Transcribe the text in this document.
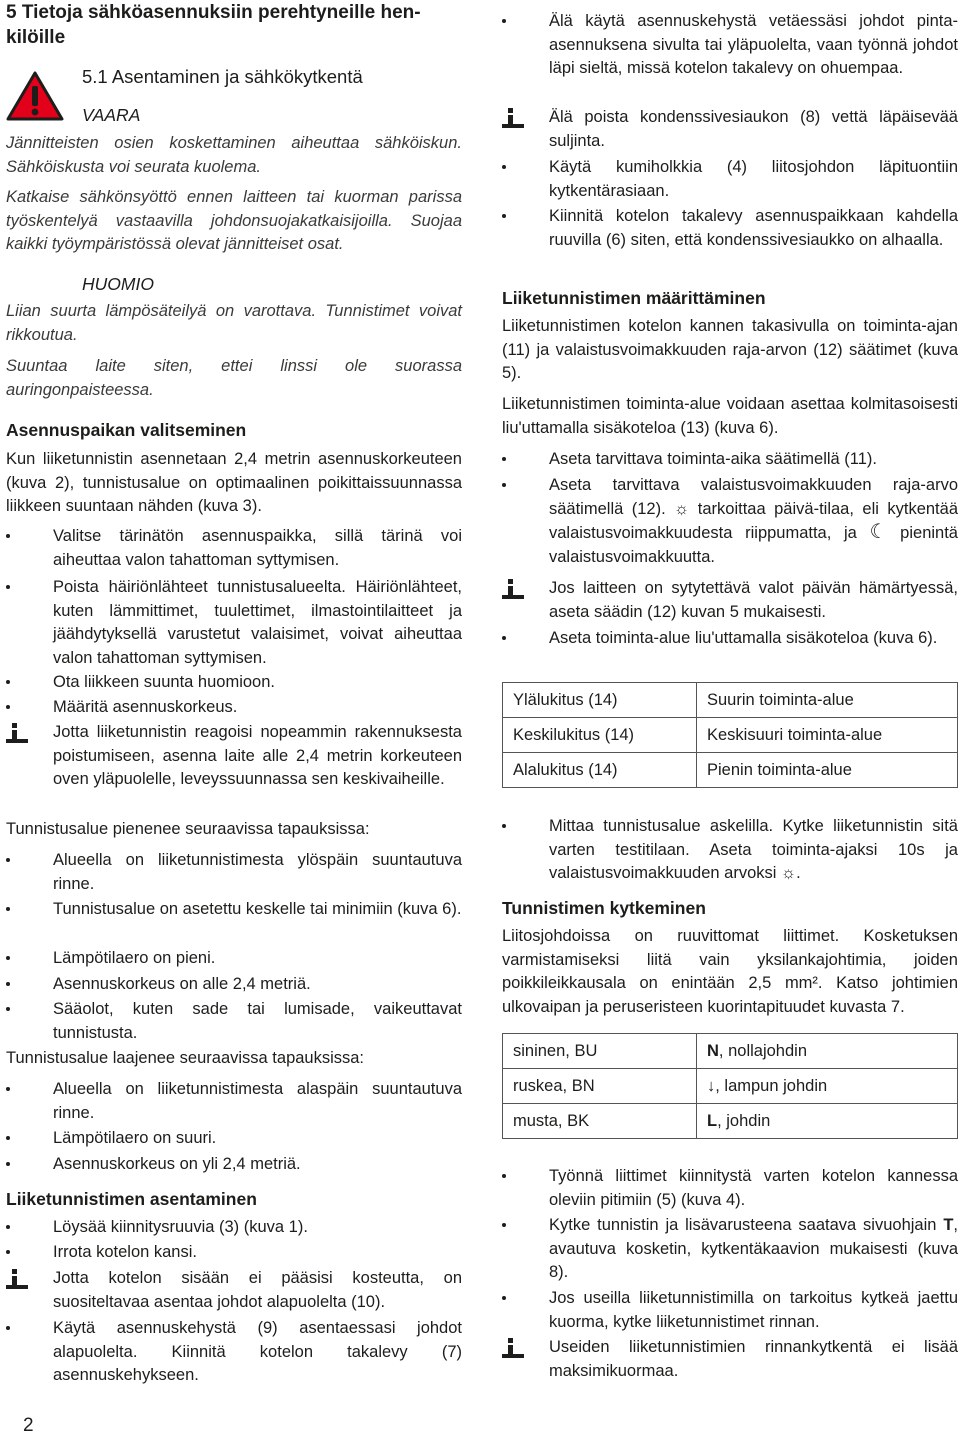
5 Tietoja sähköasennuksiin perehtyneille hen-
kilöille
5.1 Asentaminen ja sähkökytkentä
VAARA
Jännitteisten osien koskettaminen aiheuttaa sähköiskun. Sähköiskusta voi seurata kuolema.
Katkaise sähkönsyöttö ennen laitteen tai kuorman parissa työskentelyä vastaavilla johdonsuojakatkaisijoilla. Suojaa kaikki työympäristössä olevat jännitteiset osat.
HUOMIO
Liian suurta lämpösäteilyä on varottava. Tunnistimet voivat rikkoutua.
Suuntaa laite siten, ettei linssi ole suorassa auringonpaisteessa.
Asennuspaikan valitseminen
Kun liiketunnistin asennetaan 2,4 metrin asennuskorkeuteen (kuva 2), tunnistusalue on optimaalinen poikittaissuunnassa liikkeen suuntaan nähden (kuva 3).
Valitse tärinätön asennuspaikka, sillä tärinä voi aiheuttaa valon tahattoman syttymisen.
Poista häiriönlähteet tunnistusalueelta. Häiriönlähteet, kuten lämmittimet, tuulettimet, ilmastointilaitteet ja jäähdytyksellä varustetut valaisimet, voivat aiheuttaa valon tahattoman syttymisen.
Ota liikkeen suunta huomioon.
Määritä asennuskorkeus.
Jotta liiketunnistin reagoisi nopeammin rakennuksesta poistumiseen, asenna laite alle 2,4 metrin korkeuteen oven yläpuolelle, leveyssuunnassa sen keskivaiheille.
Tunnistusalue pienenee seuraavissa tapauksissa:
Alueella on liiketunnistimesta ylöspäin suuntautuva rinne.
Tunnistusalue on asetettu keskelle tai minimiin (kuva 6).
Lämpötilaero on pieni.
Asennuskorkeus on alle 2,4 metriä.
Sääolot, kuten sade tai lumisade, vaikeuttavat tunnistusta.
Tunnistusalue laajenee seuraavissa tapauksissa:
Alueella on liiketunnistimesta alaspäin suuntautuva rinne.
Lämpötilaero on suuri.
Asennuskorkeus on yli 2,4 metriä.
Liiketunnistimen asentaminen
Löysää kiinnitysruuvia (3) (kuva 1).
Irrota kotelon kansi.
Jotta kotelon sisään ei pääsisi kosteutta, on suositeltavaa asentaa johdot alapuolelta (10).
Käytä asennuskehystä (9) asentaessasi johdot alapuolelta. Kiinnitä kotelon takalevy (7) asennuskehykseen.
2
Älä käytä asennuskehystä vetäessäsi johdot pinta-asennuksena sivulta tai yläpuolelta, vaan työnnä johdot läpi sieltä, missä kotelon takalevy on ohuempaa.
Älä poista kondenssivesiaukon (8) vettä läpäisevää suljinta.
Käytä kumiholkkia (4) liitosjohdon läpituontiin kytkentärasiaan.
Kiinnitä kotelon takalevy asennuspaikkaan kahdella ruuvilla (6) siten, että kondenssivesiaukko on alhaalla.
Liiketunnistimen määrittäminen
Liiketunnistimen kotelon kannen takasivulla on toiminta-ajan (11) ja valaistusvoimakkuuden raja-arvon (12) säätimet (kuva 5).
Liiketunnistimen toiminta-alue voidaan asettaa kolmitasoisesti liu'uttamalla sisäkoteloa (13) (kuva 6).
Aseta tarvittava toiminta-aika säätimellä (11).
Aseta tarvittava valaistusvoimakkuuden raja-arvo säätimellä (12). ☼ tarkoittaa päivä-tilaa, eli kytkentää valaistusvoimakkuudesta riippumatta, ja ☾ pienintä valaistusvoimakkuutta.
Jos laitteen on sytytettävä valot päivän hämärtyessä, aseta säädin (12) kuvan 5 mukaisesti.
Aseta toiminta-alue liu'uttamalla sisäkoteloa (kuva 6).
Ylälukitus (14)	Suurin toiminta-alue
Keskilukitus (14)	Keskisuuri toiminta-alue
Alalukitus (14)	Pienin toiminta-alue
Mittaa tunnistusalue askelilla. Kytke liiketunnistin sitä varten testitilaan. Aseta toiminta-ajaksi 10s ja valaistusvoimakkuuden arvoksi ☼.
Tunnistimen kytkeminen
Liitosjohdoissa on ruuvittomat liittimet. Kosketuksen varmistamiseksi liitä vain yksilankajohtimia, joiden poikkileikkausala on enintään 2,5 mm². Katso johtimien ulkovaipan ja peruseristeen kuorintapituudet kuvasta 7.
sininen, BU	N, nollajohdin
ruskea, BN	↓, lampun johdin
musta, BK	L, johdin
Työnnä liittimet kiinnitystä varten kotelon kannessa oleviin pitimiin (5) (kuva 4).
Kytke tunnistin ja lisävarusteena saatava sivuohjain T, avautuva kosketin, kytkentäkaavion mukaisesti (kuva 8).
Jos useilla liiketunnistimilla on tarkoitus kytkeä jaettu kuorma, kytke liiketunnistimet rinnan.
Useiden liiketunnistimien rinnankytkentä ei lisää maksimikuormaa.
